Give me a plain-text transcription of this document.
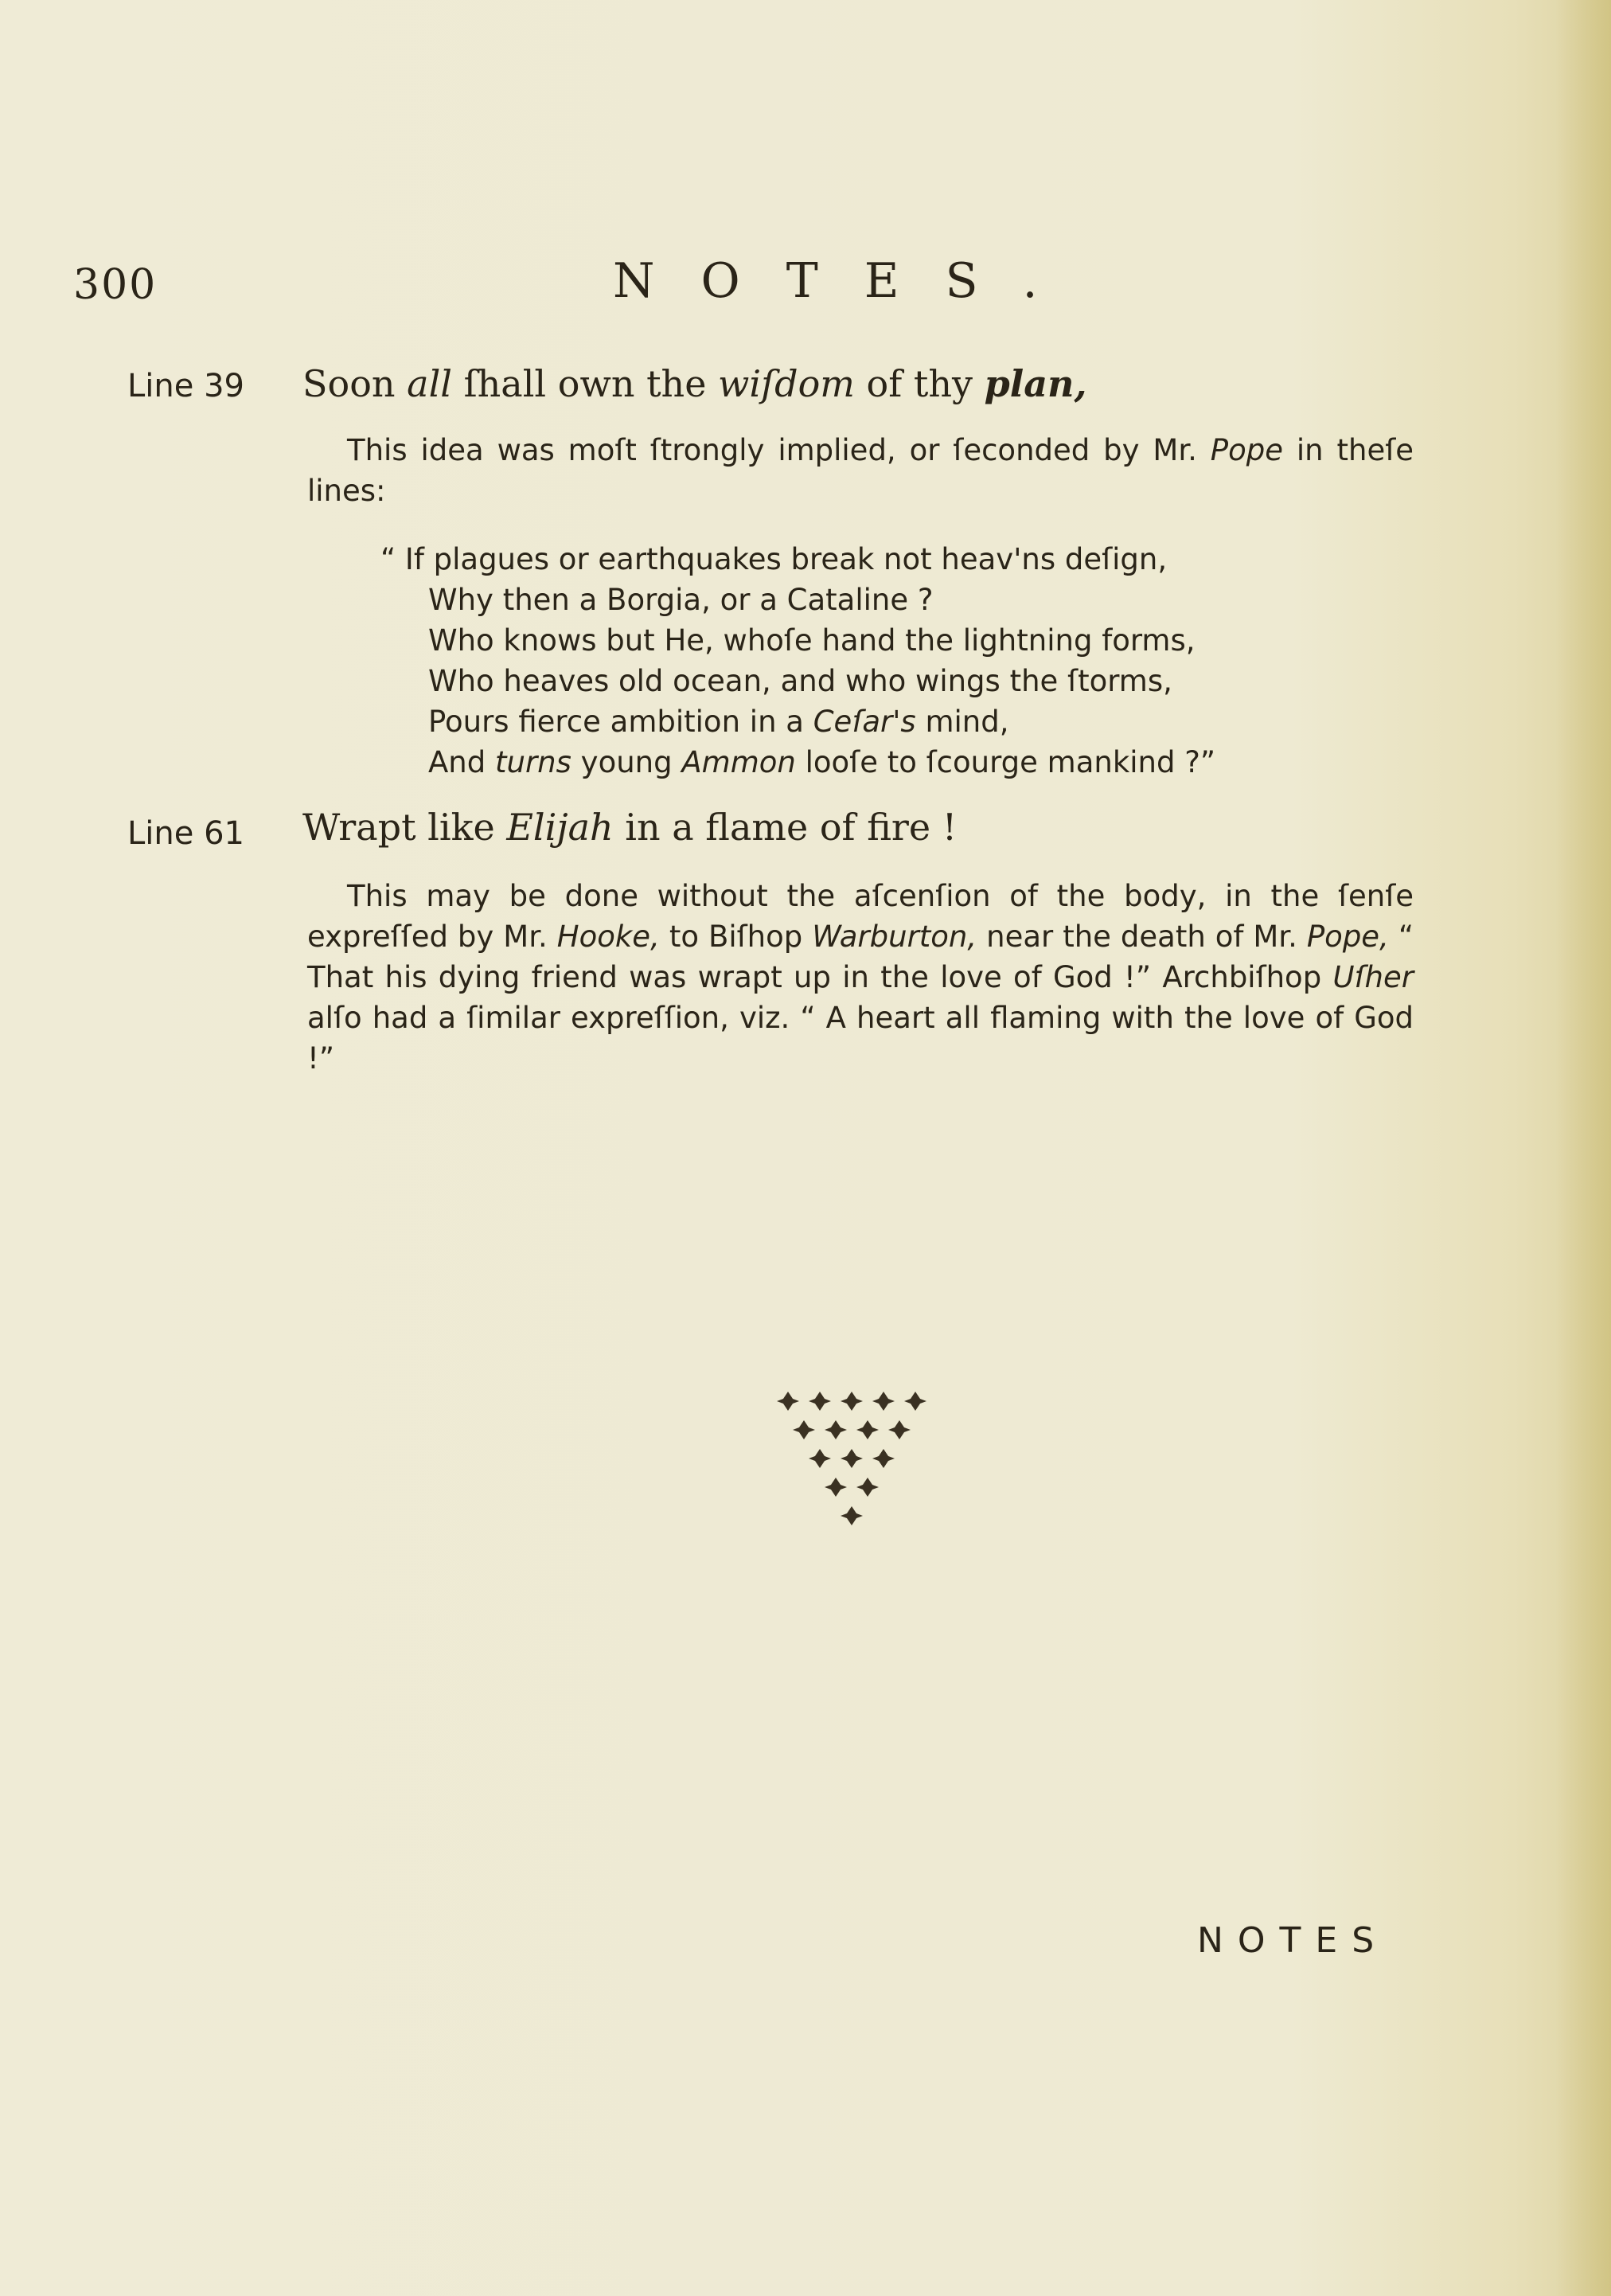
300	NOTES.
Line 39 Soon all ſhall own the wiſdom of thy plan,

This idea was moſt ſtrongly implied, or ſeconded by Mr. Pope in theſe lines:

“ If plagues or earthquakes break not heav'ns deſign,
Why then a Borgia, or a Cataline ?
Who knows but He, whoſe hand the lightning forms,
Who heaves old ocean, and who wings the ſtorms,
Pours fierce ambition in a Ceſar's mind,
And turns young Ammon looſe to ſcourge mankind ?”
Line 61 Wrapt like Elijah in a flame of fire !

This may be done without the aſcenſion of the body, in the ſenſe expreſſed by Mr. Hooke, to Biſhop Warburton, near the death of Mr. Pope, “ That his dying friend was wrapt up in the love of God !” Archbiſhop Uſher alſo had a ſimilar expreſſion, viz. “ A heart all flaming with the love of God !”

NOTES
